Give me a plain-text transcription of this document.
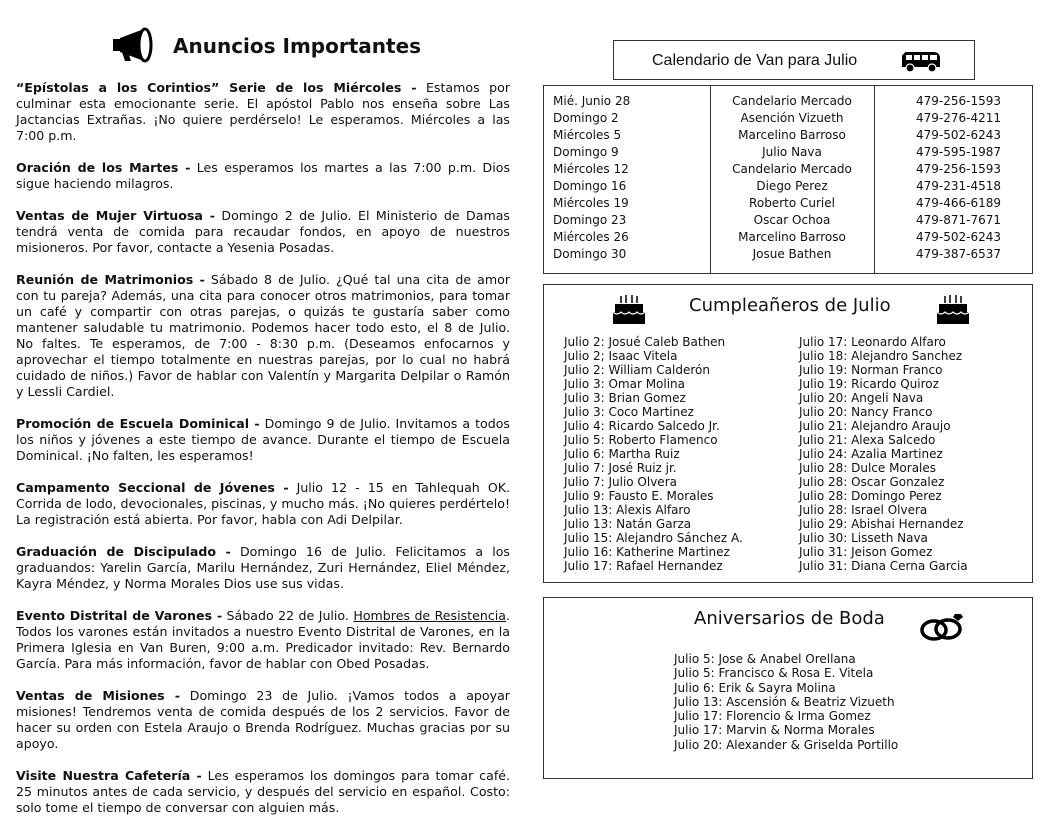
Anuncios Importantes

“Epístolas a los Corintios” Serie de los Miércoles - Estamos por culminar esta emocionante serie. El apóstol Pablo nos enseña sobre Las Jactancias Extrañas. ¡No quiere perdérselo! Le esperamos. Miércoles a las 7:00 p.m.

Oración de los Martes - Les esperamos los martes a las 7:00 p.m. Dios sigue haciendo milagros.

Ventas de Mujer Virtuosa - Domingo 2 de Julio. El Ministerio de Damas tendrá venta de comida para recaudar fondos, en apoyo de nuestros misioneros. Por favor, contacte a Yesenia Posadas.

Reunión de Matrimonios - Sábado 8 de Julio. ¿Qué tal una cita de amor con tu pareja? Además, una cita para conocer otros matrimonios, para tomar un café y compartir con otras parejas, o quizás te gustaría saber como mantener saludable tu matrimonio. Podemos hacer todo esto, el 8 de Julio. No faltes. Te esperamos, de 7:00 - 8:30 p.m. (Deseamos enfocarnos y aprovechar el tiempo totalmente en nuestras parejas, por lo cual no habrá cuidado de niños.) Favor de hablar con Valentín y Margarita Delpilar o Ramón y Lessli Cardiel.

Promoción de Escuela Dominical - Domingo 9 de Julio. Invitamos a todos los niños y jóvenes a este tiempo de avance. Durante el tiempo de Escuela Dominical. ¡No falten, les esperamos!

Campamento Seccional de Jóvenes - Julio 12 - 15 en Tahlequah OK. Corrida de lodo, devocionales, piscinas, y mucho más. ¡No quieres perdértelo! La registración está abierta. Por favor, habla con Adi Delpilar.

Graduación de Discipulado - Domingo 16 de Julio. Felicitamos a los graduandos: Yarelin García, Marilu Hernández, Zuri Hernández, Eliel Méndez, Kayra Méndez, y Norma Morales Dios use sus vidas.

Evento Distrital de Varones - Sábado 22 de Julio. Hombres de Resistencia. Todos los varones están invitados a nuestro Evento Distrital de Varones, en la Primera Iglesia en Van Buren, 9:00 a.m. Predicador invitado: Rev. Bernardo García. Para más información, favor de hablar con Obed Posadas.

Ventas de Misiones - Domingo 23 de Julio. ¡Vamos todos a apoyar misiones! Tendremos venta de comida después de los 2 servicios. Favor de hacer su orden con Estela Araujo o Brenda Rodríguez. Muchas gracias por su apoyo.

Visite Nuestra Cafetería - Les esperamos los domingos para tomar café. 25 minutos antes de cada servicio, y después del servicio en español. Costo: solo tome el tiempo de conversar con alguien más.

Calendario de Van para Julio
Mié. Junio 28
Domingo 2
Miércoles 5
Domingo 9
Miércoles 12
Domingo 16
Miércoles 19
Domingo 23
Miércoles 26
Domingo 30
Candelario Mercado
Asención Vizueth
Marcelino Barroso
Julio Nava
Candelario Mercado
Diego Perez
Roberto Curiel
Oscar Ochoa
Marcelino Barroso
Josue Bathen
479-256-1593
479-276-4211
479-502-6243
479-595-1987
479-256-1593
479-231-4518
479-466-6189
479-871-7671
479-502-6243
479-387-6537
Cumpleañeros de Julio
Julio 2: Josué Caleb Bathen
Julio 2; Isaac Vitela
Julio 2: William Calderón
Julio 3: Omar Molina
Julio 3: Brian Gomez
Julio 3: Coco Martinez
Julio 4: Ricardo Salcedo Jr.
Julio 5: Roberto Flamenco
Julio 6: Martha Ruiz
Julio 7: José Ruiz jr.
Julio 7: Julio Olvera
Julio 9: Fausto E. Morales
Julio 13: Alexis Alfaro
Julio 13: Natán Garza
Julio 15: Alejandro Sánchez A.
Julio 16: Katherine Martinez
Julio 17: Rafael Hernandez
Julio 17: Leonardo Alfaro
Julio 18: Alejandro Sanchez
Julio 19: Norman Franco
Julio 19: Ricardo Quiroz
Julio 20: Angeli Nava
Julio 20: Nancy Franco
Julio 21: Alejandro Araujo
Julio 21: Alexa Salcedo
Julio 24: Azalia Martinez
Julio 28: Dulce Morales
Julio 28: Oscar Gonzalez
Julio 28: Domingo Perez
Julio 28: Israel Olvera
Julio 29: Abishai Hernandez
Julio 30: Lisseth Nava
Julio 31: Jeison Gomez
Julio 31: Diana Cerna Garcia
Aniversarios de Boda
Julio 5: Jose & Anabel Orellana
Julio 5: Francisco & Rosa E. Vitela
Julio 6: Erik & Sayra Molina
Julio 13: Ascensión & Beatriz Vizueth
Julio 17: Florencio & Irma Gomez
Julio 17: Marvin & Norma Morales
Julio 20: Alexander & Griselda Portillo
